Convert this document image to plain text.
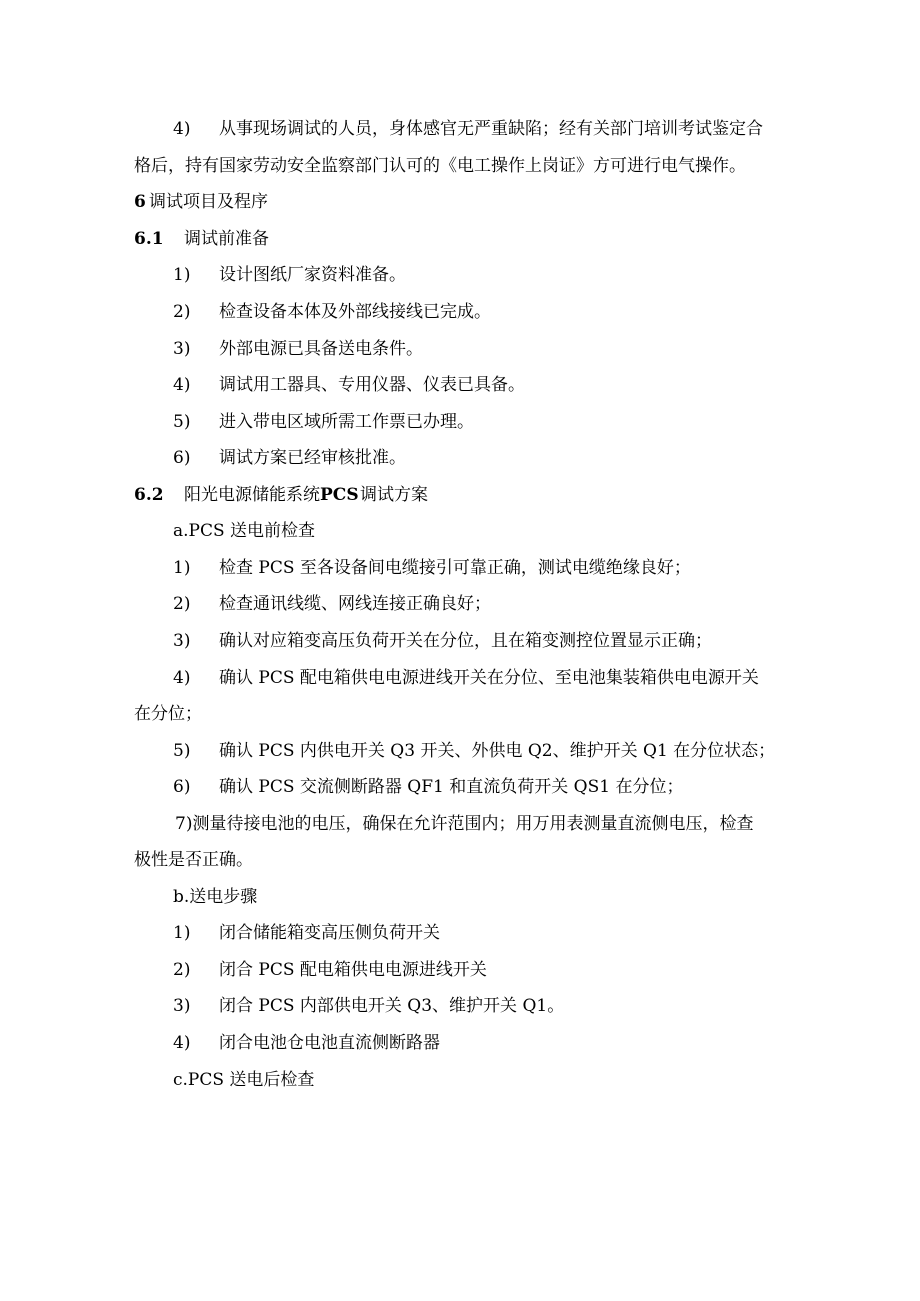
4)	从事现场调试的人员，身体感官无严重缺陷；经有关部门培训考试鉴定合
格后，持有国家劳动安全监察部门认可的《电工操作上岗证》方可进行电气操作。
6 调试项目及程序
6.1 调试前准备
1)	设计图纸厂家资料准备。
2)	检查设备本体及外部线接线已完成。
3)	外部电源已具备送电条件。
4)	调试用工器具、专用仪器、仪表已具备。
5)	进入带电区域所需工作票已办理。
6)	调试方案已经审核批准。
6.2 阳光电源储能系统 PCS 调试方案
a.PCS 送电前检查
1)	检查 PCS 至各设备间电缆接引可靠正确，测试电缆绝缘良好；
2)	检查通讯线缆、网线连接正确良好；
3)	确认对应箱变高压负荷开关在分位，且在箱变测控位置显示正确；
4)	确认 PCS 配电箱供电电源进线开关在分位、至电池集装箱供电电源开关
在分位；
5)	确认 PCS 内供电开关 Q3 开关、外供电 Q2、维护开关 Q1 在分位状态；
6)	确认 PCS 交流侧断路器 QF1 和直流负荷开关 QS1 在分位；
7)测量待接电池的电压，确保在允许范围内；用万用表测量直流侧电压，检查
极性是否正确。
b.送电步骤
1)	闭合储能箱变高压侧负荷开关
2)	闭合 PCS 配电箱供电电源进线开关
3)	闭合 PCS 内部供电开关 Q3、维护开关 Q1。
4)	闭合电池仓电池直流侧断路器
c.PCS 送电后检查
